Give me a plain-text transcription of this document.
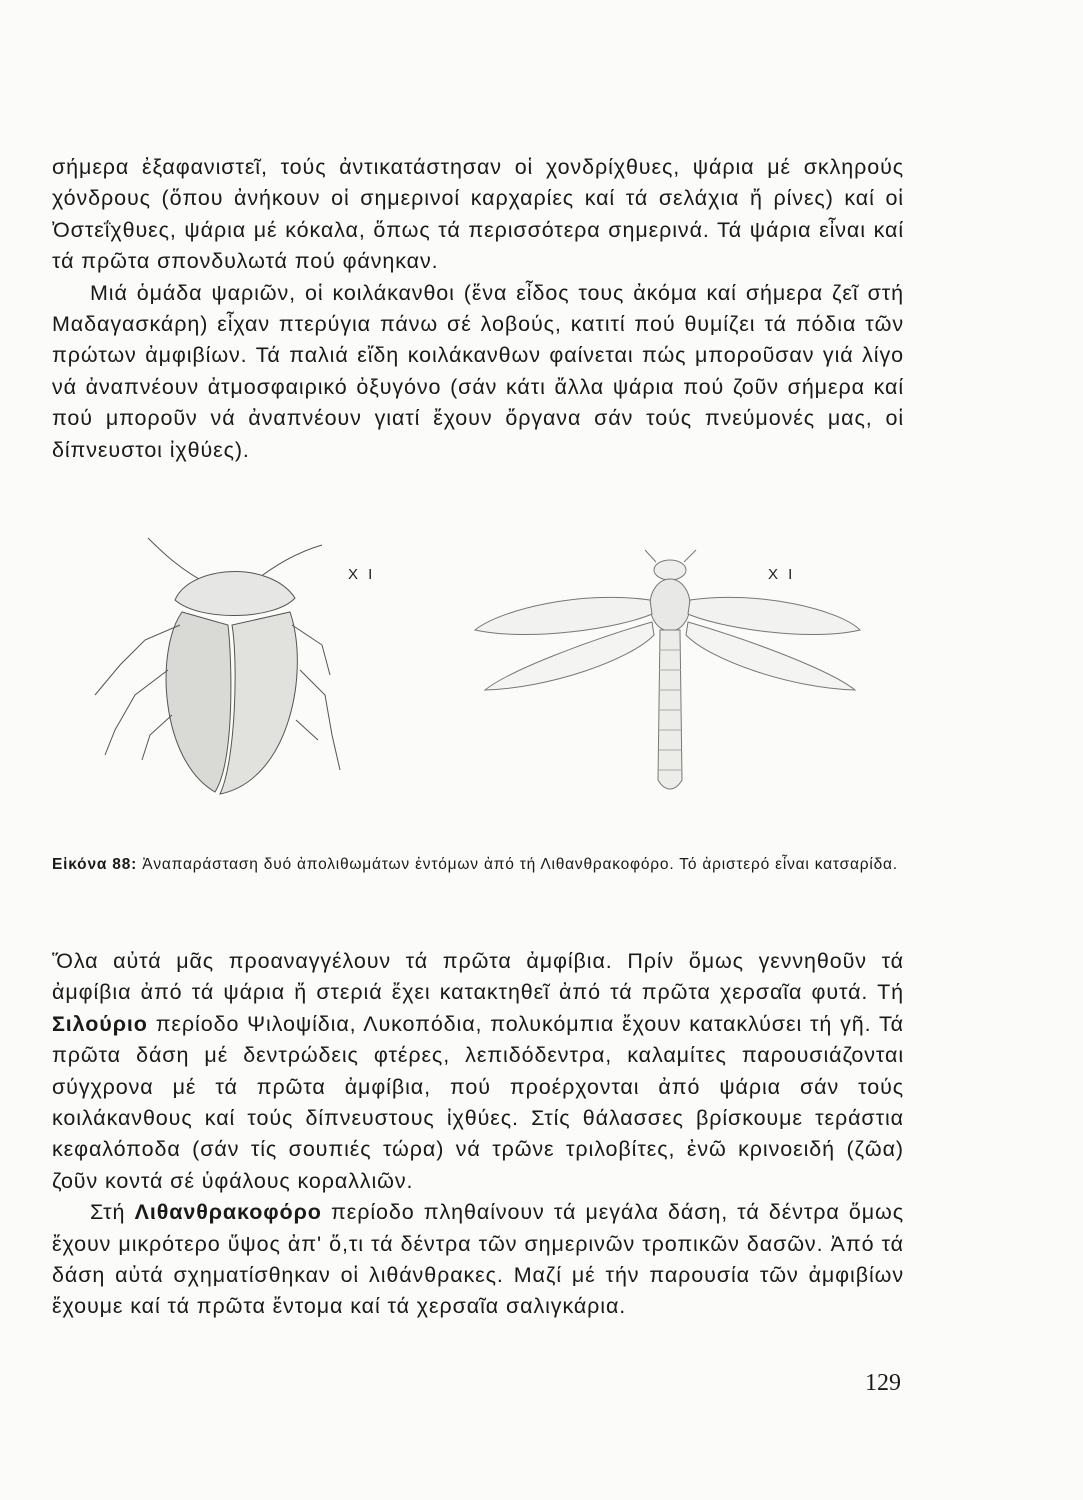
σήμερα ἐξαφανιστεῖ, τούς ἀντικατάστησαν οἱ χονδρίχθυες, ψάρια μέ σκληρούς χόνδρους (ὅπου ἀνήκουν οἱ σημερινοί καρχαρίες καί τά σελάχια ἤ ρίνες) καί οἱ Ὀστεΐχθυες, ψάρια μέ κόκαλα, ὅπως τά περισσότερα σημερινά. Τά ψάρια εἶναι καί τά πρῶτα σπονδυλωτά πού φάνηκαν.

Μιά ὁμάδα ψαριῶν, οἱ κοιλάκανθοι (ἕνα εἶδος τους ἀκόμα καί σήμερα ζεῖ στή Μαδαγασκάρη) εἶχαν πτερύγια πάνω σέ λοβούς, κατιτί πού θυμίζει τά πόδια τῶν πρώτων ἀμφιβίων. Τά παλιά εἴδη κοιλάκανθων φαίνεται πώς μποροῦσαν γιά λίγο νά ἀναπνέουν ἀτμοσφαιρικό ὀξυγόνο (σάν κάτι ἄλλα ψάρια πού ζοῦν σήμερα καί πού μποροῦν νά ἀναπνέουν γιατί ἔχουν ὄργανα σάν τούς πνεύμονές μας, οἱ δίπνευστοι ἰχθύες).

X I	X I
Εἰκόνα 88: Ἀναπαράσταση δυό ἀπολιθωμάτων ἐντόμων ἀπό τή Λιθανθρακοφόρο. Τό ἀριστερό εἶναι κατσαρίδα.

Ὅλα αὐτά μᾶς προαναγγέλουν τά πρῶτα ἀμφίβια. Πρίν ὅμως γεννηθοῦν τά ἀμφίβια ἀπό τά ψάρια ἤ στεριά ἔχει κατακτηθεῖ ἀπό τά πρῶτα χερσαῖα φυτά. Τή Σιλούριο περίοδο Ψιλοψίδια, Λυκοπόδια, πολυκόμπια ἔχουν κατακλύσει τή γῆ. Τά πρῶτα δάση μέ δεντρώδεις φτέρες, λεπιδόδεντρα, καλαμίτες παρουσιάζονται σύγχρονα μέ τά πρῶτα ἀμφίβια, πού προέρχονται ἀπό ψάρια σάν τούς κοιλάκανθους καί τούς δίπνευστους ἰχθύες. Στίς θάλασσες βρίσκουμε τεράστια κεφαλόποδα (σάν τίς σουπιές τώρα) νά τρῶνε τριλοβίτες, ἐνῶ κρινοειδή (ζῶα) ζοῦν κοντά σέ ὑφάλους κοραλλιῶν.

Στή Λιθανθρακοφόρο περίοδο πληθαίνουν τά μεγάλα δάση, τά δέντρα ὅμως ἔχουν μικρότερο ὕψος ἀπ' ὅ,τι τά δέντρα τῶν σημερινῶν τροπικῶν δασῶν. Ἀπό τά δάση αὐτά σχηματίσθηκαν οἱ λιθάνθρακες. Μαζί μέ τήν παρουσία τῶν ἀμφιβίων ἔχουμε καί τά πρῶτα ἔντομα καί τά χερσαῖα σαλιγκάρια.

129
